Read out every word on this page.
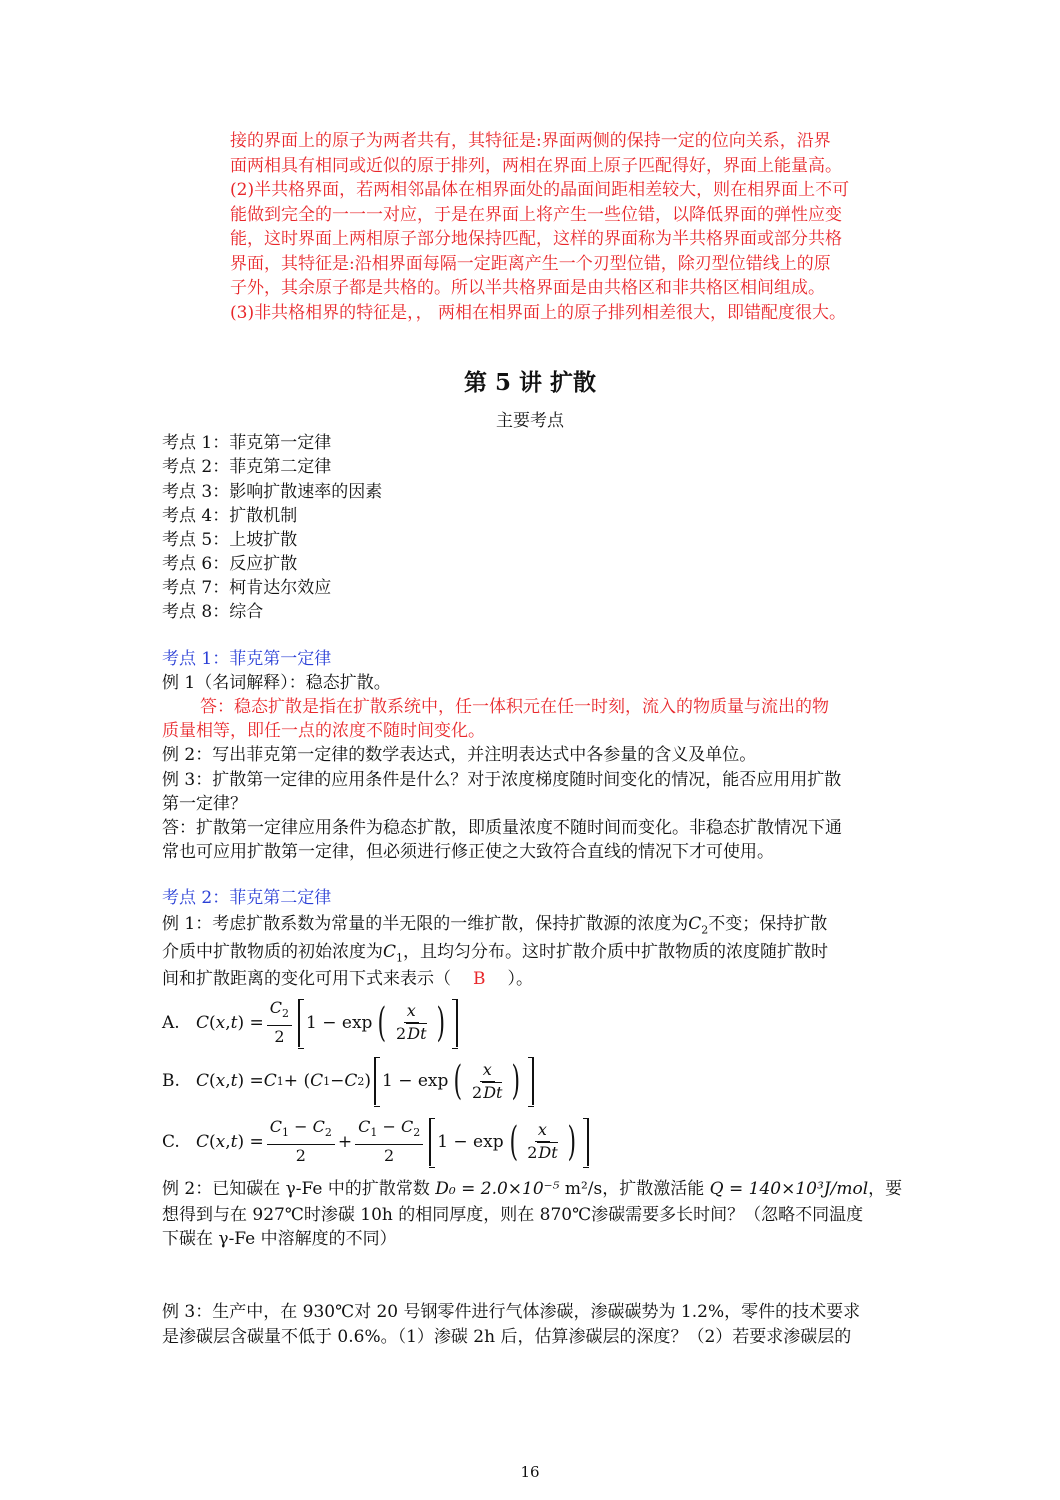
接的界面上的原子为两者共有，其特征是:界面两侧的保持一定的位向关系，沿界
面两相具有相同或近似的原于排列，两相在界面上原子匹配得好，界面上能量高。
(2)半共格界面，若两相邻晶体在相界面处的晶面间距相差较大，则在相界面上不可
能做到完全的一一一对应，于是在界面上将产生一些位错，以降低界面的弹性应变
能，这时界面上两相原子部分地保持匹配，这样的界面称为半共格界面或部分共格
界面，其特征是:沿相界面每隔一定距离产生一个刃型位错，除刃型位错线上的原
子外，其余原子都是共格的。所以半共格界面是由共格区和非共格区相间组成。
(3)非共格相界的特征是，， 两相在相界面上的原子排列相差很大，即错配度很大。
第 5 讲 扩散
主要考点
考点 1：菲克第一定律
考点 2：菲克第二定律
考点 3：影响扩散速率的因素
考点 4：扩散机制
考点 5：上坡扩散
考点 6：反应扩散
考点 7：柯肯达尔效应
考点 8：综合
考点 1：菲克第一定律
例 1（名词解释）：稳态扩散。
答：稳态扩散是指在扩散系统中，任一体积元在任一时刻，流入的物质量与流出的物
质量相等，即任一点的浓度不随时间变化。
例 2：写出菲克第一定律的数学表达式，并注明表达式中各参量的含义及单位。
例 3：扩散第一定律的应用条件是什么？对于浓度梯度随时间变化的情况，能否应用用扩散
第一定律？
答：扩散第一定律应用条件为稳态扩散，即质量浓度不随时间而变化。非稳态扩散情况下通
常也可应用扩散第一定律，但必须进行修正使之大致符合直线的情况下才可使用。
考点 2：菲克第二定律
例 1：考虑扩散系数为常量的半无限的一维扩散，保持扩散源的浓度为$C_2$不变；保持扩散
介质中扩散物质的初始浓度为$C_1$，且均匀分布。这时扩散介质中扩散物质的浓度随扩散时
间和扩散距离的变化可用下式来表示（ B ）。
A. C ( x , t ) = $\frac{C_2}{2} 1 - \exp$ ( $\frac{x}{2Dt}$ )
B. C ( x , t ) = C 1 + ( C 1 − C 2 ) 1 − exp ( $\frac{x}{2Dt}$ )
C. C ( x , t ) = $\frac{C_1 - C_2}{2} + \frac{C_1 - C_2}{2} 1 - \exp$ ( $\frac{x}{2Dt}$ )
例 2：已知碳在 γ-Fe 中的扩散常数 D₀ = 2.0×10⁻⁵ m²/s，扩散激活能 Q = 140×10³J/mol，要
想得到与在 927℃时渗碳 10h 的相同厚度，则在 870℃渗碳需要多长时间？（忽略不同温度
下碳在 γ-Fe 中溶解度的不同）
例 3：生产中，在 930℃对 20 号钢零件进行气体渗碳，渗碳碳势为 1.2%，零件的技术要求
是渗碳层含碳量不低于 0.6%。（1）渗碳 2h 后，估算渗碳层的深度？（2）若要求渗碳层的
16
